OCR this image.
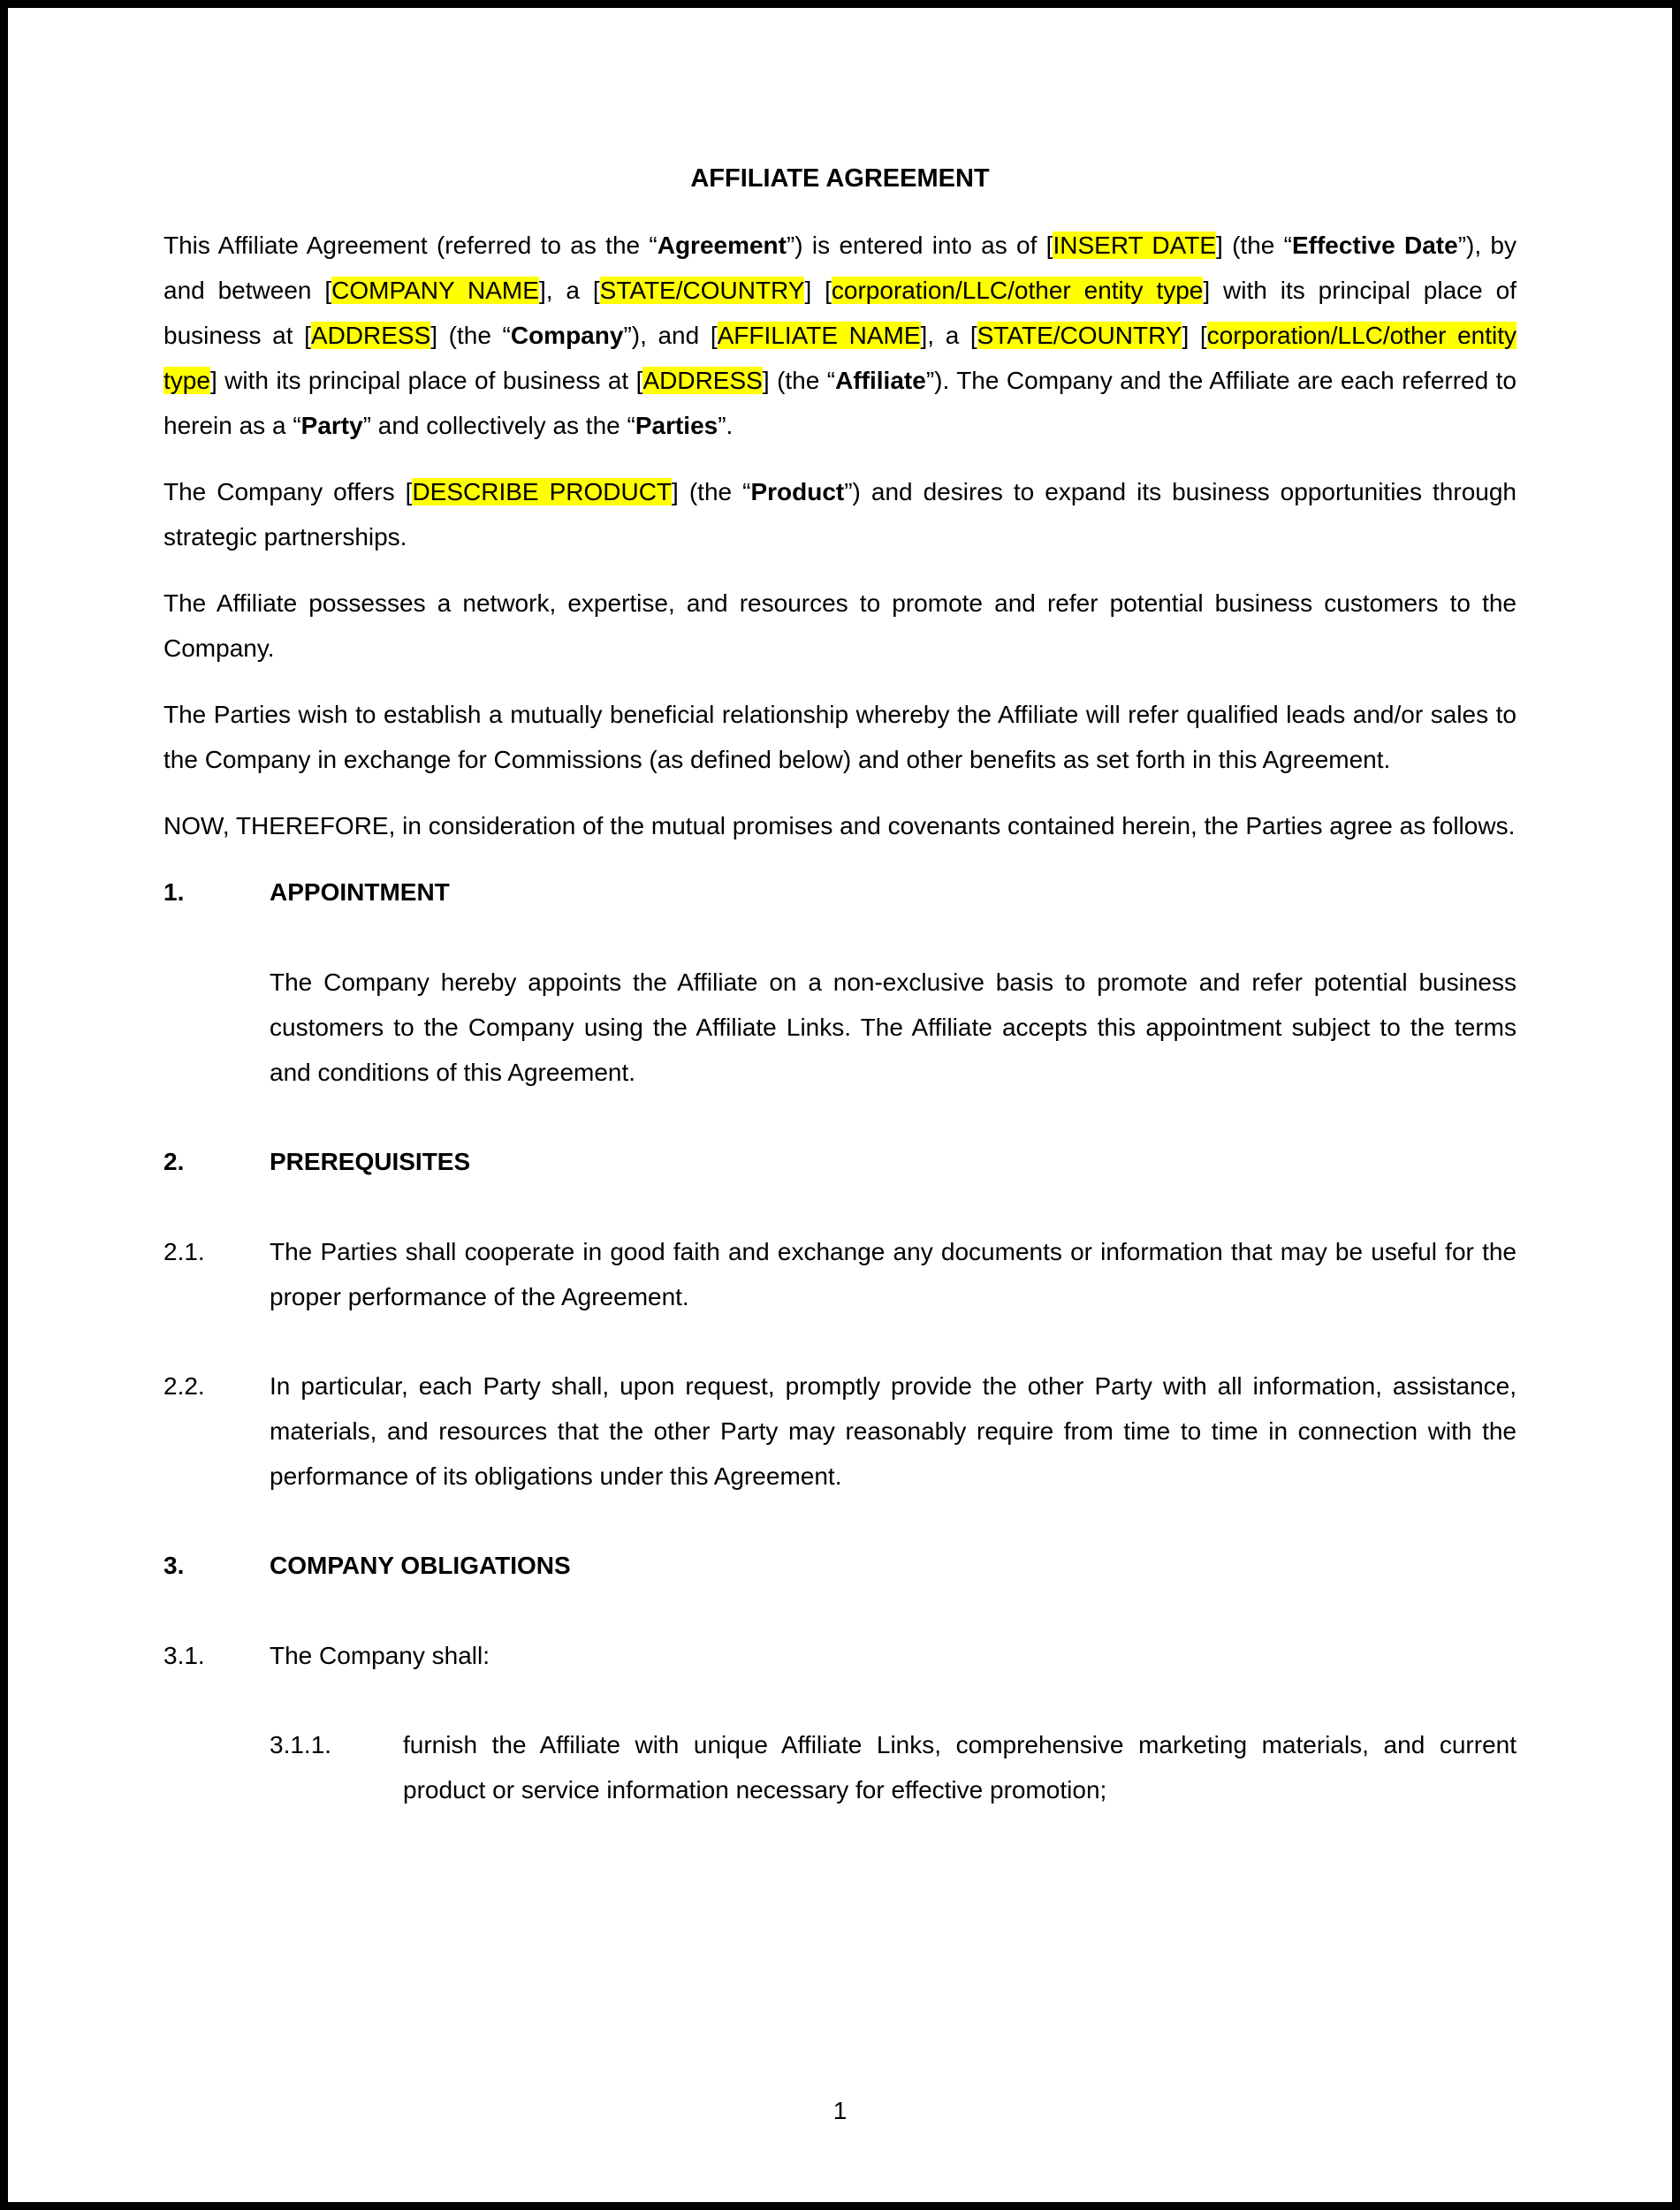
AFFILIATE AGREEMENT
This Affiliate Agreement (referred to as the “Agreement”) is entered into as of [INSERT DATE] (the “Effective Date”), by and between [COMPANY NAME], a [STATE/COUNTRY] [corporation/LLC/other entity type] with its principal place of business at [ADDRESS] (the “Company”), and [AFFILIATE NAME], a [STATE/COUNTRY] [corporation/LLC/other entity type] with its principal place of business at [ADDRESS] (the “Affiliate”). The Company and the Affiliate are each referred to herein as a “Party” and collectively as the “Parties”.
The Company offers [DESCRIBE PRODUCT] (the “Product”) and desires to expand its business opportunities through strategic partnerships.
The Affiliate possesses a network, expertise, and resources to promote and refer potential business customers to the Company.
The Parties wish to establish a mutually beneficial relationship whereby the Affiliate will refer qualified leads and/or sales to the Company in exchange for Commissions (as defined below) and other benefits as set forth in this Agreement.
NOW, THEREFORE, in consideration of the mutual promises and covenants contained herein, the Parties agree as follows.
1.	APPOINTMENT
The Company hereby appoints the Affiliate on a non-exclusive basis to promote and refer potential business customers to the Company using the Affiliate Links. The Affiliate accepts this appointment subject to the terms and conditions of this Agreement.
2.	PREREQUISITES
2.1.	The Parties shall cooperate in good faith and exchange any documents or information that may be useful for the proper performance of the Agreement.
2.2.	In particular, each Party shall, upon request, promptly provide the other Party with all information, assistance, materials, and resources that the other Party may reasonably require from time to time in connection with the performance of its obligations under this Agreement.
3.	COMPANY OBLIGATIONS
3.1.	The Company shall:
3.1.1.	furnish the Affiliate with unique Affiliate Links, comprehensive marketing materials, and current product or service information necessary for effective promotion;
1
